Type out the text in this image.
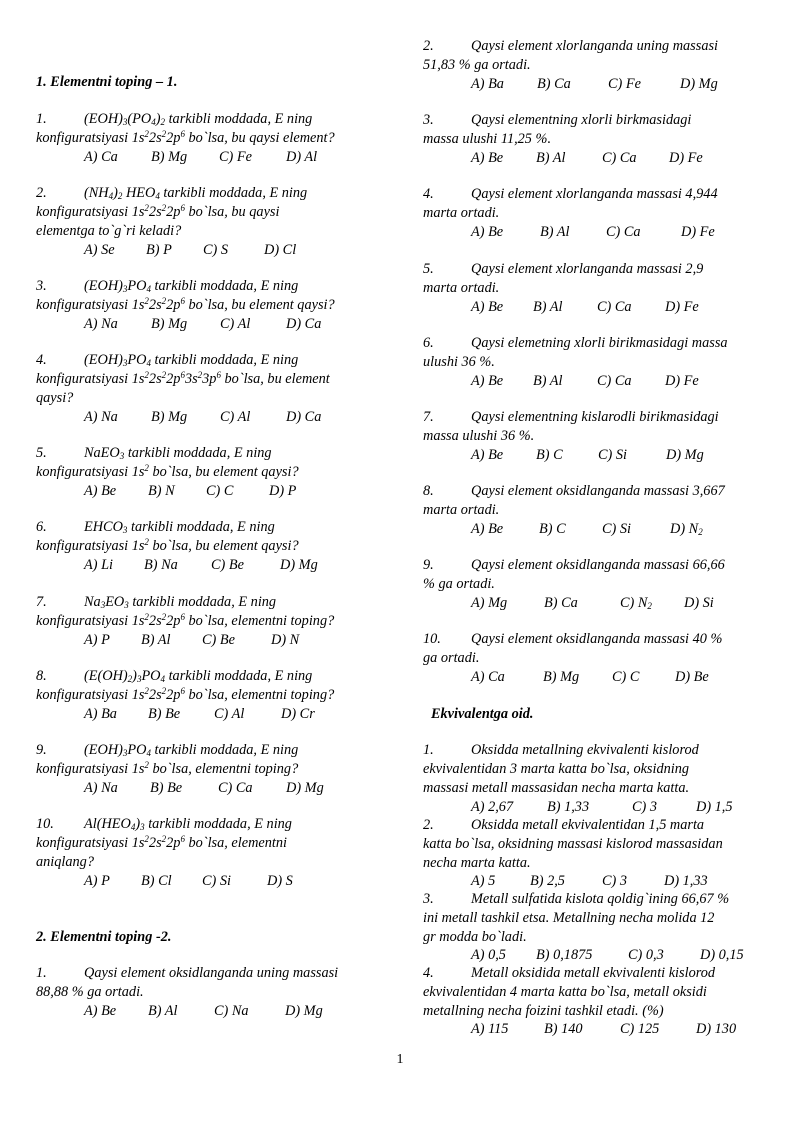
1. Elementni toping – 1.
1.	$(EOH)_3(PO_4)_2$ tarkibli moddada, E ning
konfiguratsiyasi $1s^22s^22p^6$ bo`lsa, bu qaysi element?
A) Ca B) Mg C) Fe D) Al
2.	$(NH_4)_2$ $HEO_4$ tarkibli moddada, E ning
konfiguratsiyasi $1s^22s^22p^6$ bo`lsa, bu qaysi
elementga to`g`ri keladi?
A) Se B) P C) S	D) Cl
3.	$(EOH)_3PO_4$ tarkibli moddada, E ning
konfiguratsiyasi $1s^22s^22p^6$ bo`lsa, bu element qaysi?
A) Na B) Mg C) Al D) Ca
4.	$(EOH)_3PO_4$ tarkibli moddada, E ning
konfiguratsiyasi $1s^22s^22p^63s^23p^6$ bo`lsa, bu element
qaysi?
A) Na B) Mg C) Al D) Ca
5.	NaEO$_3$ tarkibli moddada, E ning
konfiguratsiyasi $1s^2$ bo`lsa, bu element qaysi?
A) Be B) N C) C D) P
6.	$EHCO_3$ tarkibli moddada, E ning
konfiguratsiyasi $1s^2$ bo`lsa, bu element qaysi?
A) Li B) Na C) Be	D) Mg
7.	$Na_3EO_3$ tarkibli moddada, E ning
konfiguratsiyasi $1s^22s^22p^6$ bo`lsa, elementni toping?
A) P B) Al C) Be	D) N
8.	$(E(OH)_2)_3PO_4$ tarkibli moddada, E ning
konfiguratsiyasi $1s^22s^22p^6$ bo`lsa, elementni toping?
A) Ba B) Be C) Al	D) Cr
9.	$(EOH)_3PO_4$ tarkibli moddada, E ning
konfiguratsiyasi $1s^2$ bo`lsa, elementni toping?
A) Na B) Be	C) Ca D) Mg
10. $Al(HEO_4)_3$ tarkibli moddada, E ning
konfiguratsiyasi $1s^22s^22p^6$ bo`lsa, elementni
aniqlang?
A) P B) Cl C) Si	D) S
2. Elementni toping -2.
1.	Qaysi element oksidlanganda uning massasi
88,88 % ga ortadi.
A) Be B) Al	C) Na	D) Mg
2.	Qaysi element xlorlanganda uning massasi
51,83 % ga ortadi.
A) Ba B) Ca	C) Fe	D) Mg
3.	Qaysi elementning xlorli birkmasidagi
massa ulushi 11,25 %.
A) Be B) Al	C) Ca D) Fe
4.	Qaysi element xlorlanganda massasi 4,944
marta ortadi.
A) Be	B) Al	C) Ca	D) Fe
5.	Qaysi element xlorlanganda massasi 2,9
marta ortadi.
A) Be B) Al C) Ca D) Fe
6.	Qaysi elemetning xlorli birikmasidagi massa
ulushi 36 %.
A) Be B) Al C) Ca D) Fe
7.	Qaysi elementning kislarodli birikmasidagi
massa ulushi 36 %.
A) Be B) C C) Si	D) Mg
8.	Qaysi element oksidlanganda massasi 3,667
marta ortadi.
A) Be	B) C	C) Si	D) $N_2$
9.	Qaysi element oksidlanganda massasi 66,66
% ga ortadi.
A) Mg	B) Ca	C) $N_2$ D) Si
10. Qaysi element oksidlanganda massasi 40 %
ga ortadi.
A) Ca	B) Mg C) C D) Be
Ekvivalentga oid.
1.	Oksidda metallning ekvivalenti kislorod
ekvivalentidan 3 marta katta bo`lsa, oksidning
massasi metall massasidan necha marta katta.
A) 2,67 B) 1,33	C) 3	D) 1,5
2.	Oksidda metall ekvivalentidan 1,5 marta
katta bo`lsa, oksidning massasi kislorod massasidan
necha marta katta.
A) 5 B) 2,5	C) 3	D) 1,33
3.	Metall sulfatida kislota qoldig`ining 66,67 %
ini metall tashkil etsa. Metallning necha molida 12
gr modda bo`ladi.
A) 0,5 B) 0,1875 C) 0,3	D) 0,15
4.	Metall oksidida metall ekvivalenti kislorod
ekvivalentidan 4 marta katta bo`lsa, metall oksidi
metallning necha foizini tashkil etadi. (%)
A) 115 B) 140	C) 125	D) 130
1
